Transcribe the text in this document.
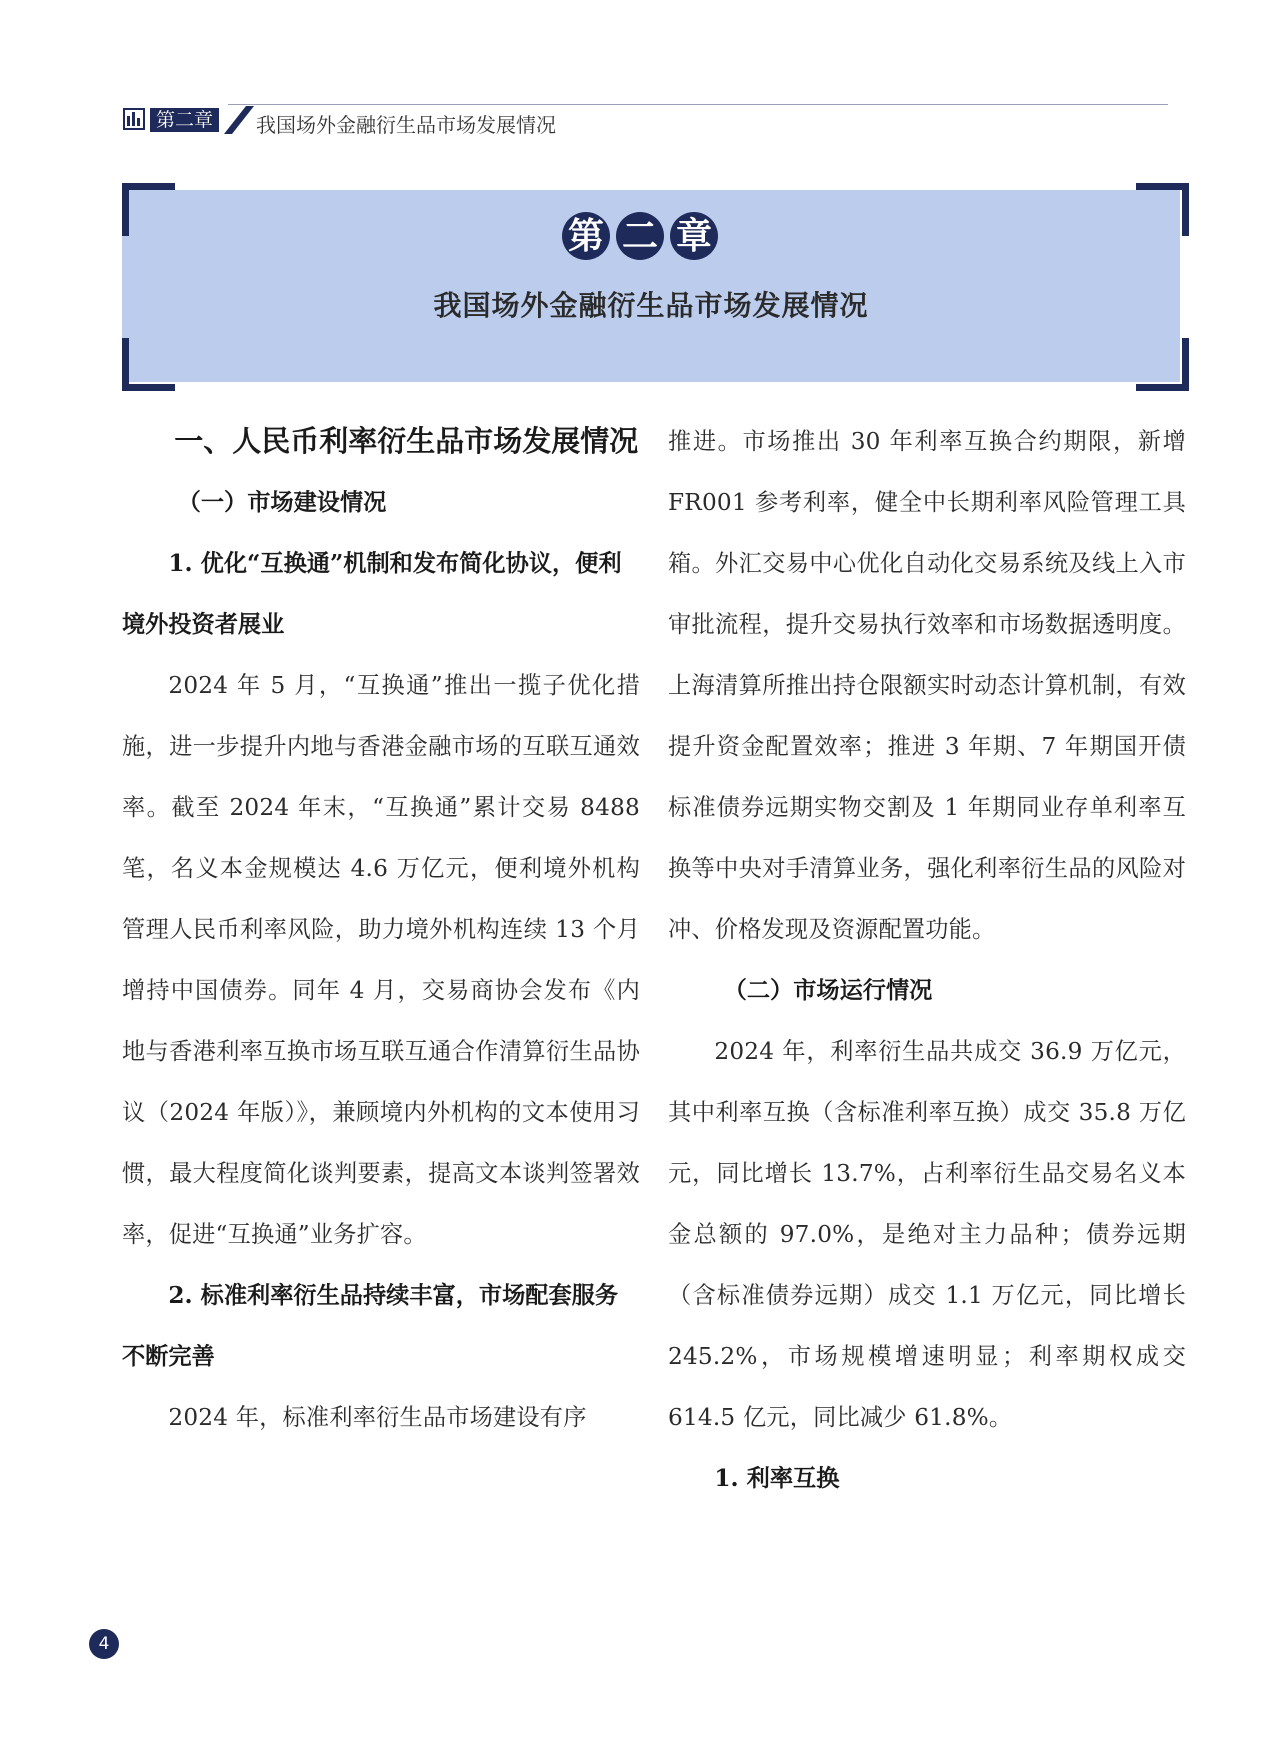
第二章	我国场外金融衍生品市场发展情况
第 二 章
我国场外金融衍生品市场发展情况
一、人民币利率衍生品市场发展情况
（一）市场建设情况
1. 优化“互换通”机制和发布简化协议，便利境外投资者展业

2024 年 5 月，“互换通”推出一揽子优化措施，进一步提升内地与香港金融市场的互联互通效率。截至 2024 年末，“互换通”累计交易 8488 笔，名义本金规模达 4.6 万亿元，便利境外机构管理人民币利率风险，助力境外机构连续 13 个月增持中国债券。同年 4 月，交易商协会发布《内地与香港利率互换市场互联互通合作清算衍生品协议（2024 年版）》，兼顾境内外机构的文本使用习惯，最大程度简化谈判要素，提高文本谈判签署效率，促进“互换通”业务扩容。

2. 标准利率衍生品持续丰富，市场配套服务不断完善

2024 年，标准利率衍生品市场建设有序

推进。市场推出 30 年利率互换合约期限，新增 FR001 参考利率，健全中长期利率风险管理工具箱。外汇交易中心优化自动化交易系统及线上入市审批流程，提升交易执行效率和市场数据透明度。上海清算所推出持仓限额实时动态计算机制，有效提升资金配置效率；推进 3 年期、7 年期国开债标准债券远期实物交割及 1 年期同业存单利率互换等中央对手清算业务，强化利率衍生品的风险对冲、价格发现及资源配置功能。

（二）市场运行情况

2024 年，利率衍生品共成交 36.9 万亿元，其中利率互换（含标准利率互换）成交 35.8 万亿元，同比增长 13.7%，占利率衍生品交易名义本金总额的 97.0%，是绝对主力品种；债券远期（含标准债券远期）成交 1.1 万亿元，同比增长 245.2%，市场规模增速明显；利率期权成交 614.5 亿元，同比减少 61.8%。

1. 利率互换
4
